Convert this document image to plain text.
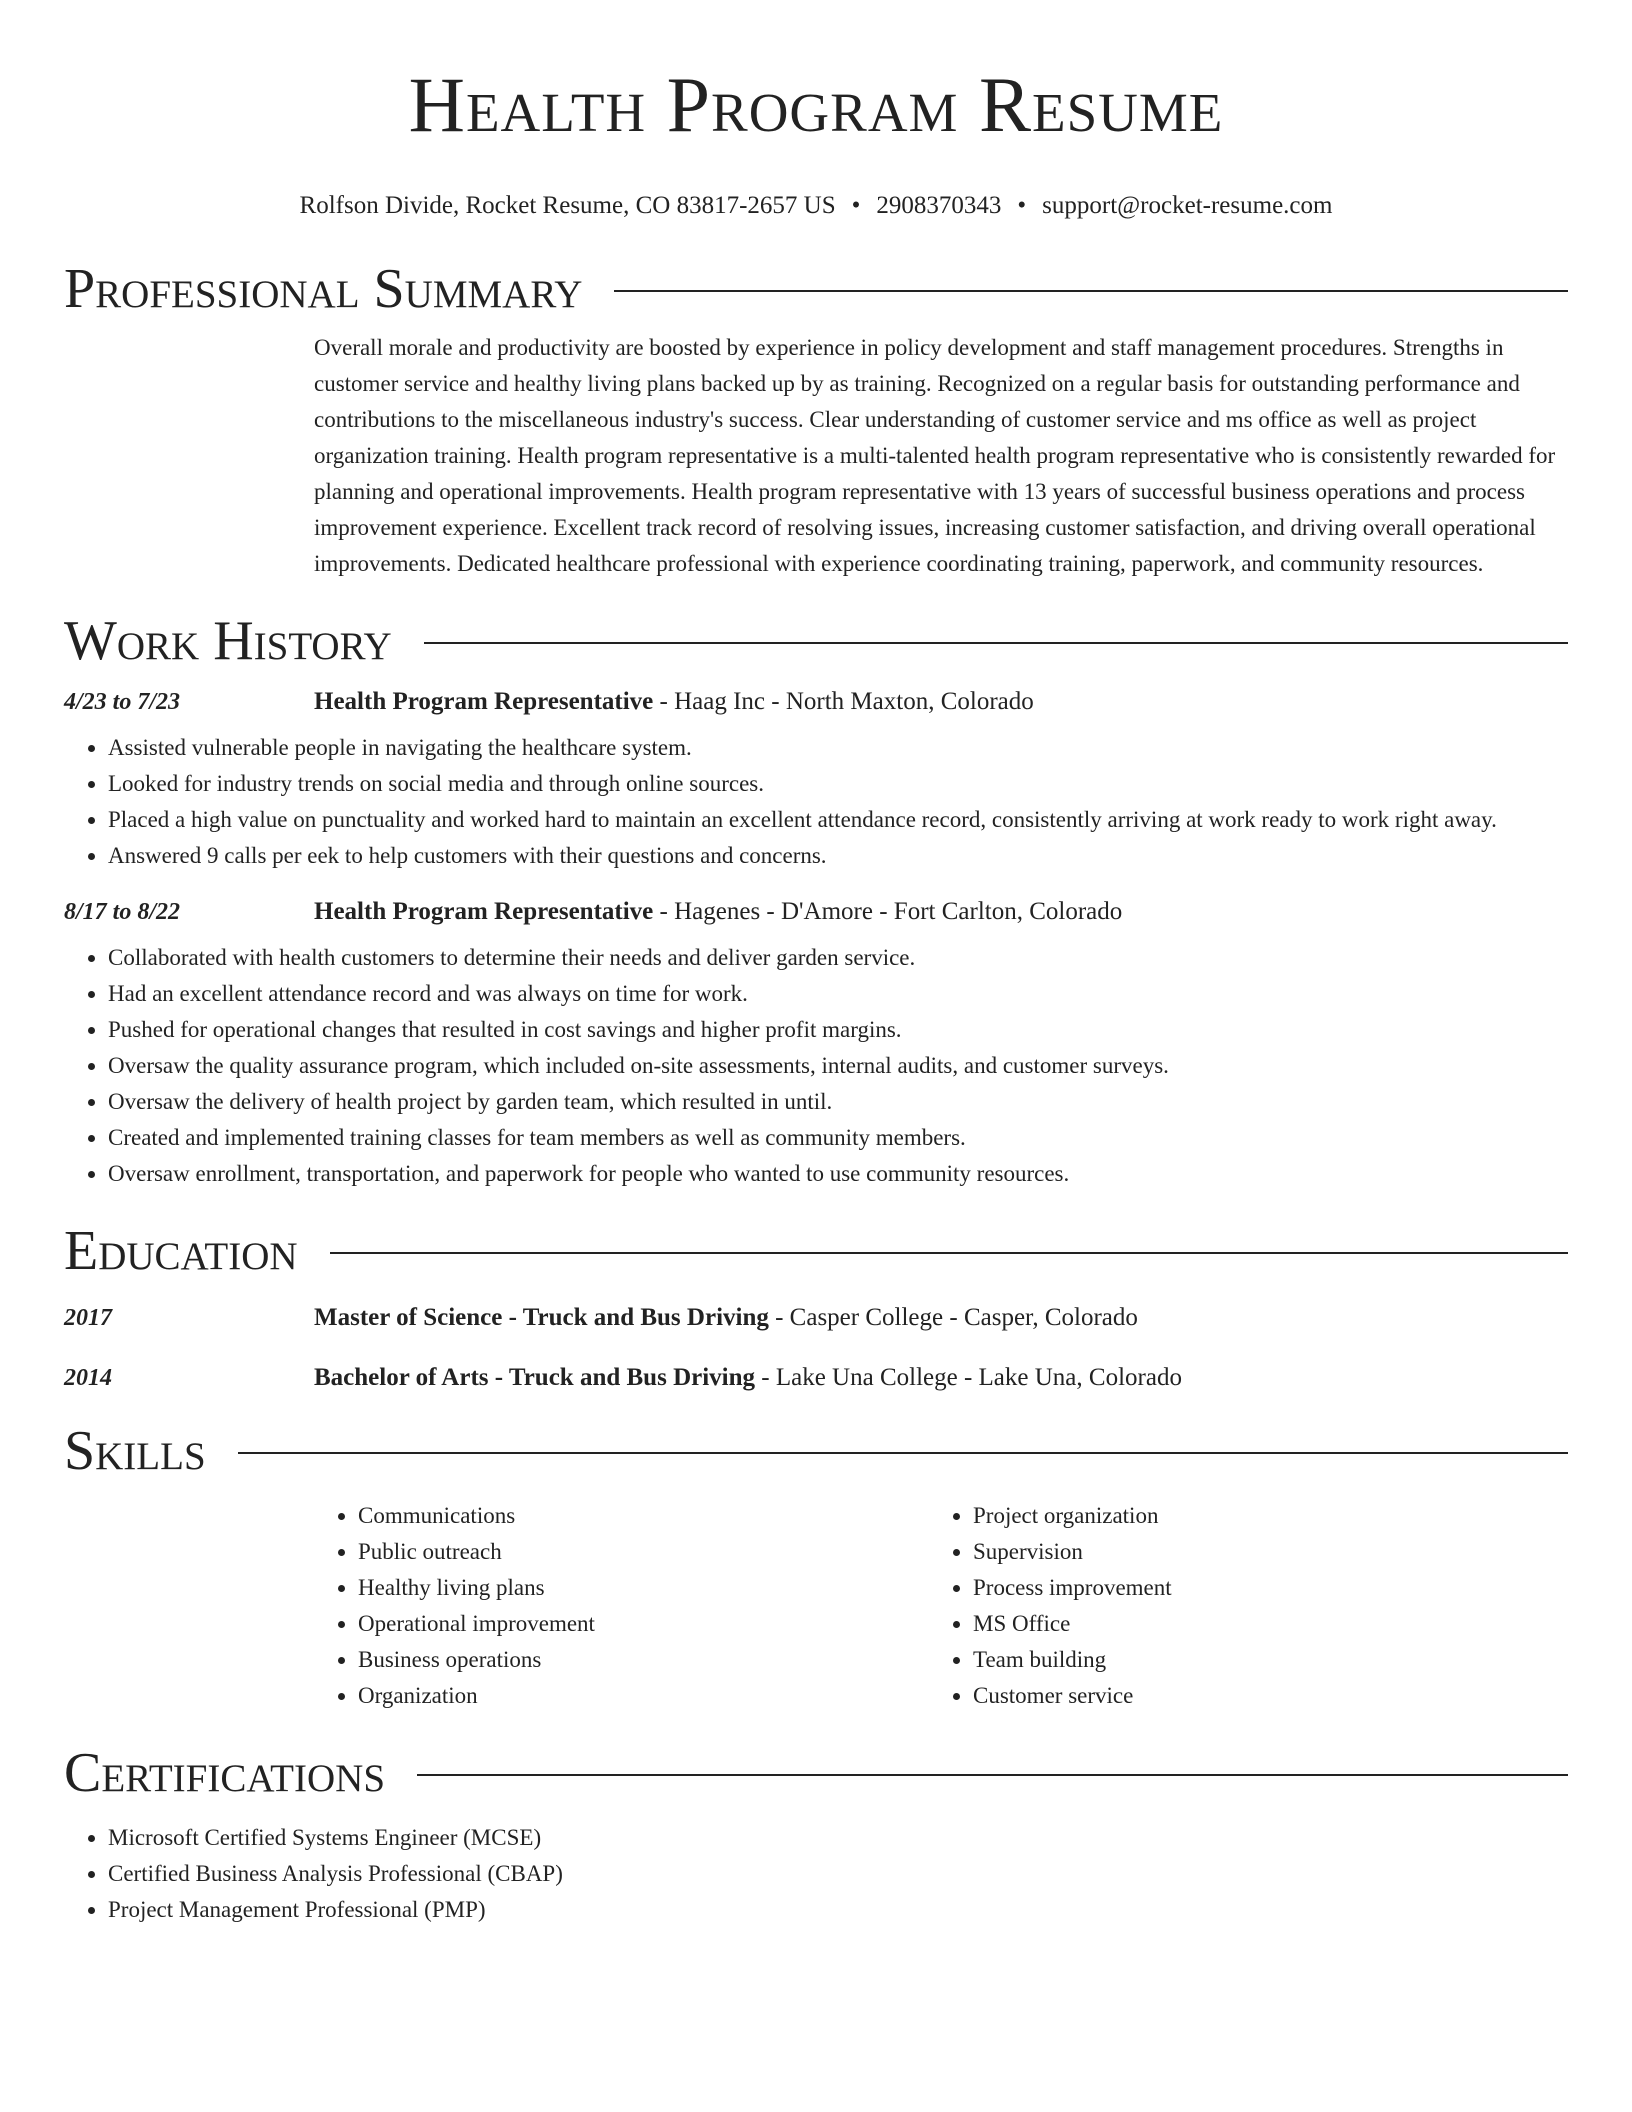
Health Program Resume
Rolfson Divide, Rocket Resume, CO 83817-2657 US • 2908370343 • support@rocket-resume.com
Professional Summary

Overall morale and productivity are boosted by experience in policy development and staff management procedures. Strengths in customer service and healthy living plans backed up by as training. Recognized on a regular basis for outstanding performance and contributions to the miscellaneous industry's success. Clear understanding of customer service and ms office as well as project organization training. Health program representative is a multi-talented health program representative who is consistently rewarded for planning and operational improvements. Health program representative with 13 years of successful business operations and process improvement experience. Excellent track record of resolving issues, increasing customer satisfaction, and driving overall operational improvements. Dedicated healthcare professional with experience coordinating training, paperwork, and community resources.

Work History
4/23 to 7/23	Health Program Representative - Haag Inc - North Maxton, Colorado
• Assisted vulnerable people in navigating the healthcare system.
• Looked for industry trends on social media and through online sources.
• Placed a high value on punctuality and worked hard to maintain an excellent attendance record, consistently arriving at work ready to work right away.
• Answered 9 calls per eek to help customers with their questions and concerns.
8/17 to 8/22	Health Program Representative - Hagenes - D'Amore - Fort Carlton, Colorado
• Collaborated with health customers to determine their needs and deliver garden service.
• Had an excellent attendance record and was always on time for work.
• Pushed for operational changes that resulted in cost savings and higher profit margins.
• Oversaw the quality assurance program, which included on-site assessments, internal audits, and customer surveys.
• Oversaw the delivery of health project by garden team, which resulted in until.
• Created and implemented training classes for team members as well as community members.
• Oversaw enrollment, transportation, and paperwork for people who wanted to use community resources.
Education
2017	Master of Science - Truck and Bus Driving - Casper College - Casper, Colorado
2014	Bachelor of Arts - Truck and Bus Driving - Lake Una College - Lake Una, Colorado
Skills
• Communications
• Public outreach
• Healthy living plans
• Operational improvement
• Business operations
• Organization
• Project organization
• Supervision
• Process improvement
• MS Office
• Team building
• Customer service
Certifications
• Microsoft Certified Systems Engineer (MCSE)
• Certified Business Analysis Professional (CBAP)
• Project Management Professional (PMP)
